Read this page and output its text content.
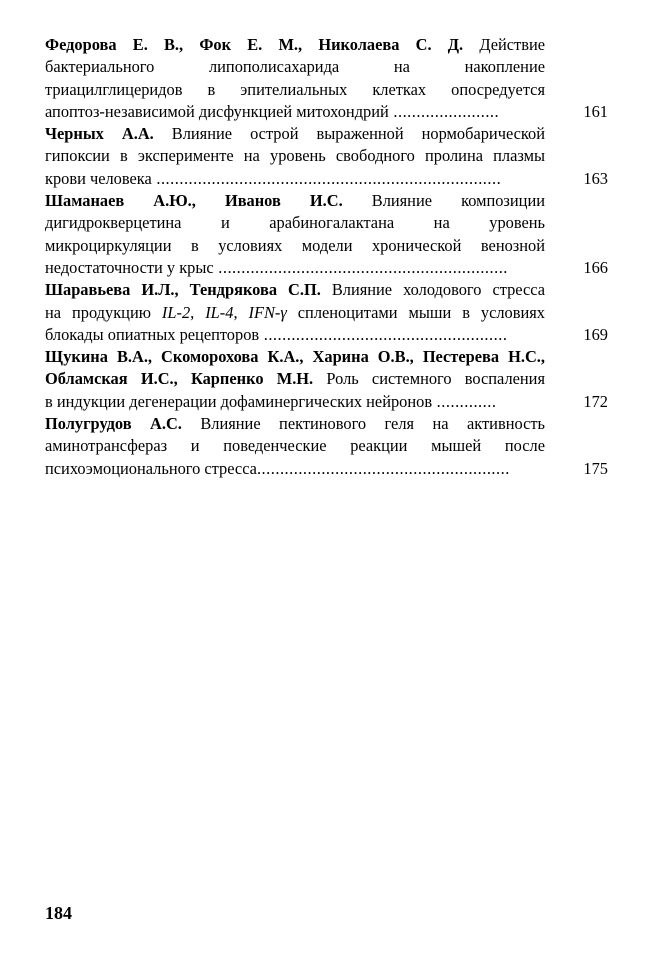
Федорова Е. В., Фок Е. М., Николаева С. Д. Действие
бактериального липополисахарида на накопление
триацилглицеридов в эпителиальных клетках опосредуется
апоптоз-независимой дисфункцией митохондрий .......................	161
Черных А.А. Влияние острой выраженной нормобарической
гипоксии в эксперименте на уровень свободного пролина плазмы
крови человека ...........................................................................	163
Шаманаев А.Ю., Иванов И.С. Влияние композиции
дигидрокверцетина и арабиногалактана на уровень
микроциркуляции в условиях модели хронической венозной
недостаточности у крыс ...............................................................	166
Шаравьева И.Л., Тендрякова С.П. Влияние холодового стресса
на продукцию IL-2, IL-4, IFN-γ спленоцитами мыши в условиях
блокады опиатных рецепторов .....................................................	169
Щукина В.А., Скоморохова К.А., Харина О.В., Пестерева Н.С.,
Обламская И.С., Карпенко М.Н. Роль системного воспаления
в индукции дегенерации дофаминергических нейронов .............	172
Полугрудов А.С. Влияние пектинового геля на активность
аминотрансфераз и поведенческие реакции мышей после
психоэмоционального стресса.......................................................	175
184
